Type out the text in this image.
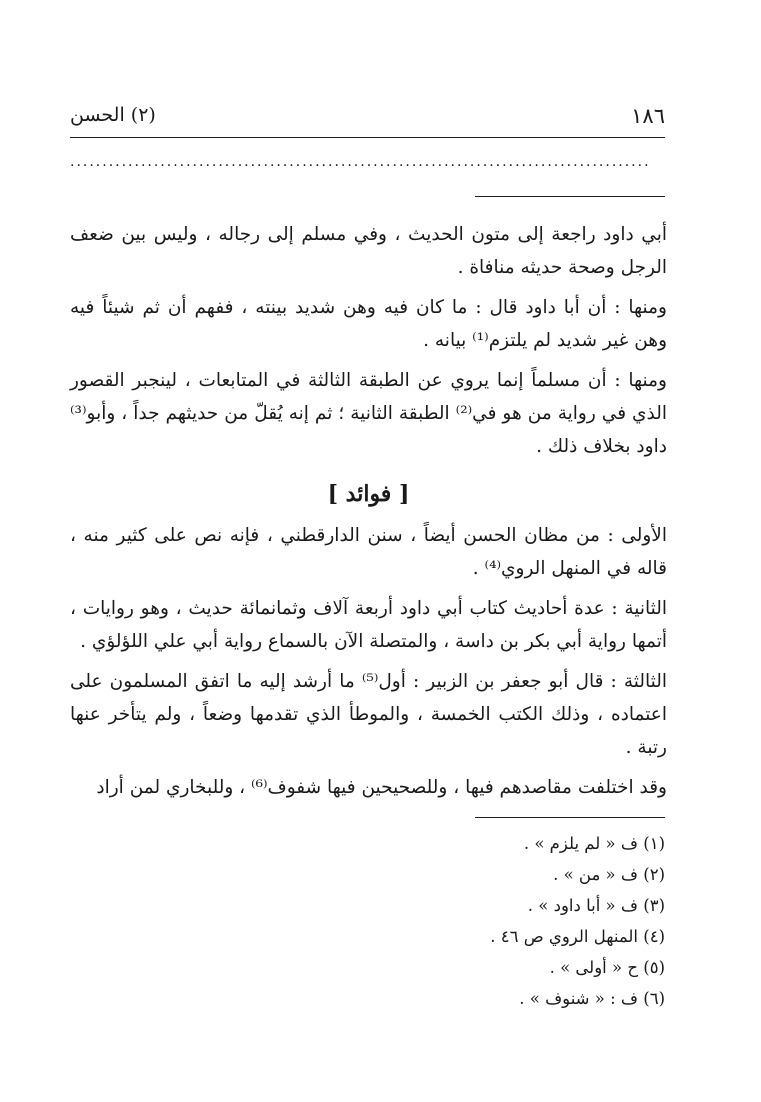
١٨٦
(٢) الحسن
..........................................................................................

أبي داود راجعة إلى متون الحديث ، وفي مسلم إلى رجاله ، وليس بين ضعف الرجل وصحة حديثه منافاة .

ومنها : أن أبا داود قال : ما كان فيه وهن شديد بينته ، ففهم أن ثم شيئاً فيه وهن غير شديد لم يلتزم⁽¹⁾ بيانه .

ومنها : أن مسلماً إنما يروي عن الطبقة الثالثة في المتابعات ، لينجبر القصور الذي في رواية من هو في⁽²⁾ الطبقة الثانية ؛ ثم إنه يُقلّ من حديثهم جداً ، وأبو⁽³⁾ داود بخلاف ذلك .

[ فوائد ]

الأولى : من مظان الحسن أيضاً ، سنن الدارقطني ، فإنه نص على كثير منه ، قاله في المنهل الروي⁽⁴⁾ .

الثانية : عدة أحاديث كتاب أبي داود أربعة آلاف وثمانمائة حديث ، وهو روايات ، أتمها رواية أبي بكر بن داسة ، والمتصلة الآن بالسماع رواية أبي علي اللؤلؤي .

الثالثة : قال أبو جعفر بن الزبير : أول⁽⁵⁾ ما أرشد إليه ما اتفق المسلمون على اعتماده ، وذلك الكتب الخمسة ، والموطأ الذي تقدمها وضعاً ، ولم يتأخر عنها رتبة .

وقد اختلفت مقاصدهم فيها ، وللصحيحين فيها شفوف⁽⁶⁾ ، وللبخاري لمن أراد

(١) ف « لم يلزم » .

(٢) ف « من » .

(٣) ف « أبا داود » .

(٤) المنهل الروي ص ٤٦ .

(٥) ح « أولى » .

(٦) ف : « شنوف » .
